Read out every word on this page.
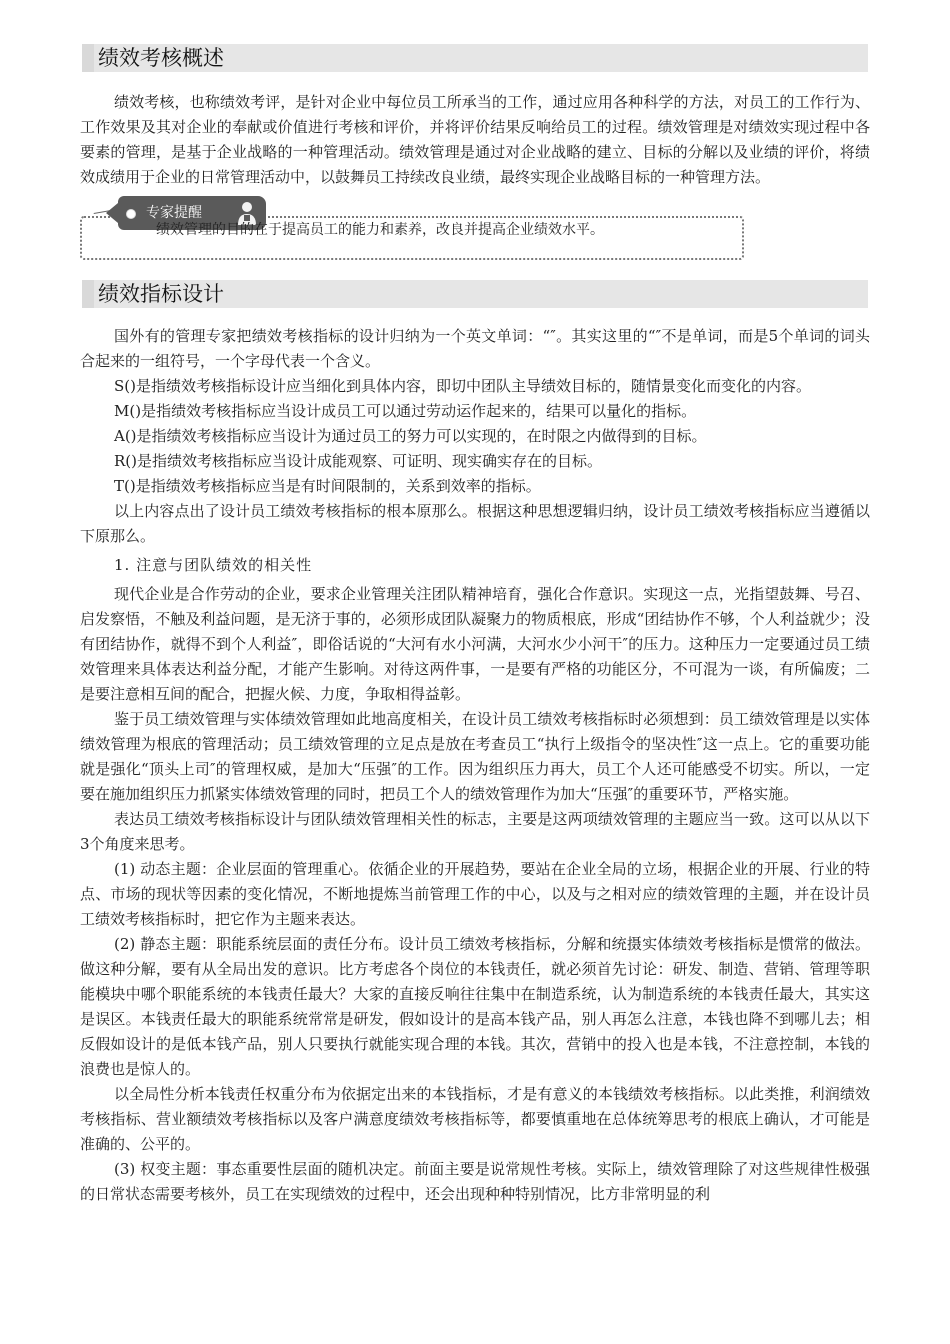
绩效考核概述

绩效考核，也称绩效考评，是针对企业中每位员工所承当的工作，通过应用各种科学的方法，对员工的工作行为、工作效果及其对企业的奉献或价值进行考核和评价，并将评价结果反响给员工的过程。绩效管理是对绩效实现过程中各要素的管理，是基于企业战略的一种管理活动。绩效管理是通过对企业战略的建立、目标的分解以及业绩的评价，将绩效成绩用于企业的日常管理活动中，以鼓舞员工持续改良业绩，最终实现企业战略目标的一种管理方法。

专家提醒
绩效管理的目的在于提高员工的能力和素养，改良并提高企业绩效水平。
绩效指标设计

国外有的管理专家把绩效考核指标的设计归纳为一个英文单词：“″。其实这里的“″不是单词，而是5个单词的词头合起来的一组符号，一个字母代表一个含义。

S()是指绩效考核指标设计应当细化到具体内容，即切中团队主导绩效目标的，随情景变化而变化的内容。

M()是指绩效考核指标应当设计成员工可以通过劳动运作起来的，结果可以量化的指标。

A()是指绩效考核指标应当设计为通过员工的努力可以实现的，在时限之内做得到的目标。

R()是指绩效考核指标应当设计成能观察、可证明、现实确实存在的目标。

T()是指绩效考核指标应当是有时间限制的，关系到效率的指标。

以上内容点出了设计员工绩效考核指标的根本原那么。根据这种思想逻辑归纳，设计员工绩效考核指标应当遵循以下原那么。

1. 注意与团队绩效的相关性

现代企业是合作劳动的企业，要求企业管理关注团队精神培育，强化合作意识。实现这一点，光指望鼓舞、号召、启发察悟，不触及利益问题，是无济于事的，必须形成团队凝聚力的物质根底，形成“团结协作不够，个人利益就少；没有团结协作，就得不到个人利益″，即俗话说的“大河有水小河满，大河水少小河干″的压力。这种压力一定要通过员工绩效管理来具体表达利益分配，才能产生影响。对待这两件事，一是要有严格的功能区分，不可混为一谈，有所偏废；二是要注意相互间的配合，把握火候、力度，争取相得益彰。

鉴于员工绩效管理与实体绩效管理如此地高度相关，在设计员工绩效考核指标时必须想到：员工绩效管理是以实体绩效管理为根底的管理活动；员工绩效管理的立足点是放在考查员工“执行上级指令的坚决性″这一点上。它的重要功能就是强化“顶头上司″的管理权威，是加大“压强″的工作。因为组织压力再大，员工个人还可能感受不切实。所以，一定要在施加组织压力抓紧实体绩效管理的同时，把员工个人的绩效管理作为加大“压强″的重要环节，严格实施。

表达员工绩效考核指标设计与团队绩效管理相关性的标志，主要是这两项绩效管理的主题应当一致。这可以从以下3个角度来思考。

(1) 动态主题：企业层面的管理重心。依循企业的开展趋势，要站在企业全局的立场，根据企业的开展、行业的特点、市场的现状等因素的变化情况，不断地提炼当前管理工作的中心，以及与之相对应的绩效管理的主题，并在设计员工绩效考核指标时，把它作为主题来表达。

(2) 静态主题：职能系统层面的责任分布。设计员工绩效考核指标，分解和统摄实体绩效考核指标是惯常的做法。做这种分解，要有从全局出发的意识。比方考虑各个岗位的本钱责任，就必须首先讨论：研发、制造、营销、管理等职能模块中哪个职能系统的本钱责任最大？大家的直接反响往往集中在制造系统，认为制造系统的本钱责任最大，其实这是误区。本钱责任最大的职能系统常常是研发，假如设计的是高本钱产品，别人再怎么注意，本钱也降不到哪儿去；相反假如设计的是低本钱产品，别人只要执行就能实现合理的本钱。其次，营销中的投入也是本钱，不注意控制，本钱的浪费也是惊人的。

以全局性分析本钱责任权重分布为依据定出来的本钱指标，才是有意义的本钱绩效考核指标。以此类推，利润绩效考核指标、营业额绩效考核指标以及客户满意度绩效考核指标等，都要慎重地在总体统筹思考的根底上确认，才可能是准确的、公平的。

(3) 权变主题：事态重要性层面的随机决定。前面主要是说常规性考核。实际上，绩效管理除了对这些规律性极强的日常状态需要考核外，员工在实现绩效的过程中，还会出现种种特别情况，比方非常明显的利
